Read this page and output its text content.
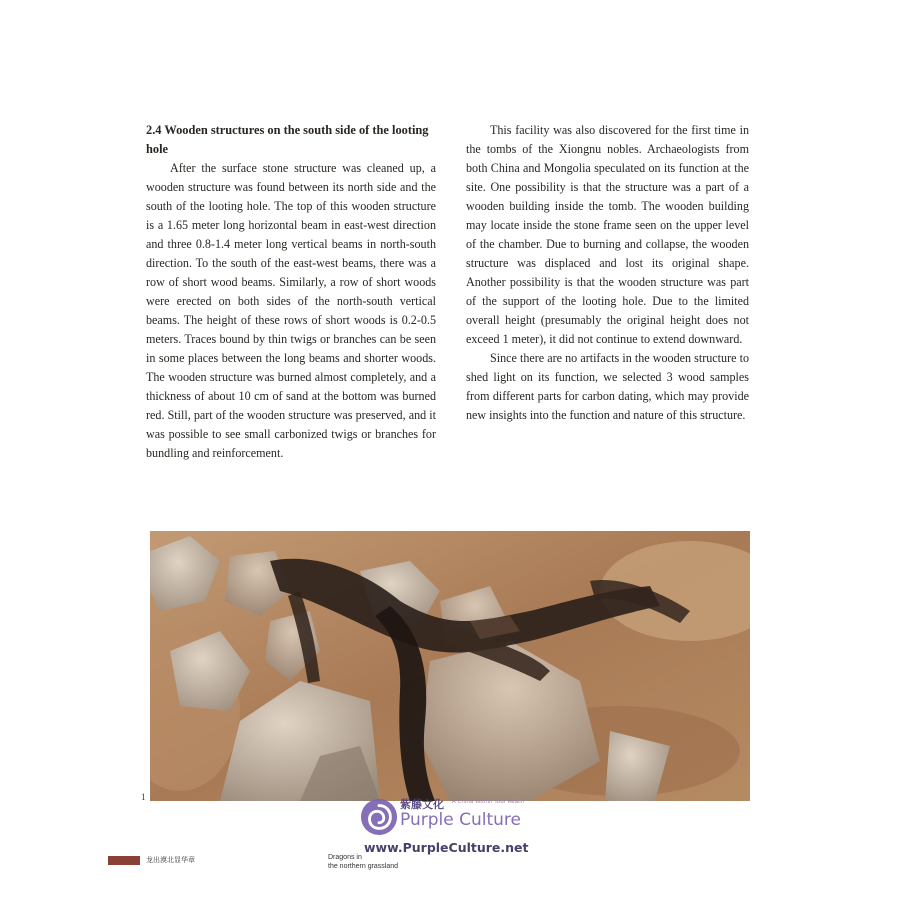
2.4 Wooden structures on the south side of the looting hole

After the surface stone structure was cleaned up, a wooden structure was found between its north side and the south of the looting hole. The top of this wooden structure is a 1.65 meter long horizontal beam in east-west direction and three 0.8-1.4 meter long vertical beams in north-south direction. To the south of the east-west beams, there was a row of short wood beams. Similarly, a row of short woods were erected on both sides of the north-south vertical beams. The height of these rows of short woods is 0.2-0.5 meters. Traces bound by thin twigs or branches can be seen in some places between the long beams and shorter woods. The wooden structure was burned almost completely, and a thickness of about 10 cm of sand at the bottom was burned red. Still, part of the wooden structure was preserved, and it was possible to see small carbonized twigs or branches for bundling and reinforcement.

This facility was also discovered for the first time in the tombs of the Xiongnu nobles. Archaeologists from both China and Mongolia speculated on its function at the site. One possibility is that the structure was a part of a wooden building inside the tomb. The wooden building may locate inside the stone frame seen on the upper level of the chamber. Due to burning and collapse, the wooden structure was displaced and lost its original shape. Another possibility is that the wooden structure was part of the support of the looting hole. Due to the limited overall height (presumably the original height does not exceed 1 meter), it did not continue to extend downward.

Since there are no artifacts in the wooden structure to shed light on its function, we selected 3 wood samples from different parts for carbon dating, which may provide new insights into the function and nature of this structure.

1
紫藤文化 A China Within Your Reach
Purple Culture
www.PurpleCulture.net
龙出漠北显华章	Dragons in
the northern grassland
